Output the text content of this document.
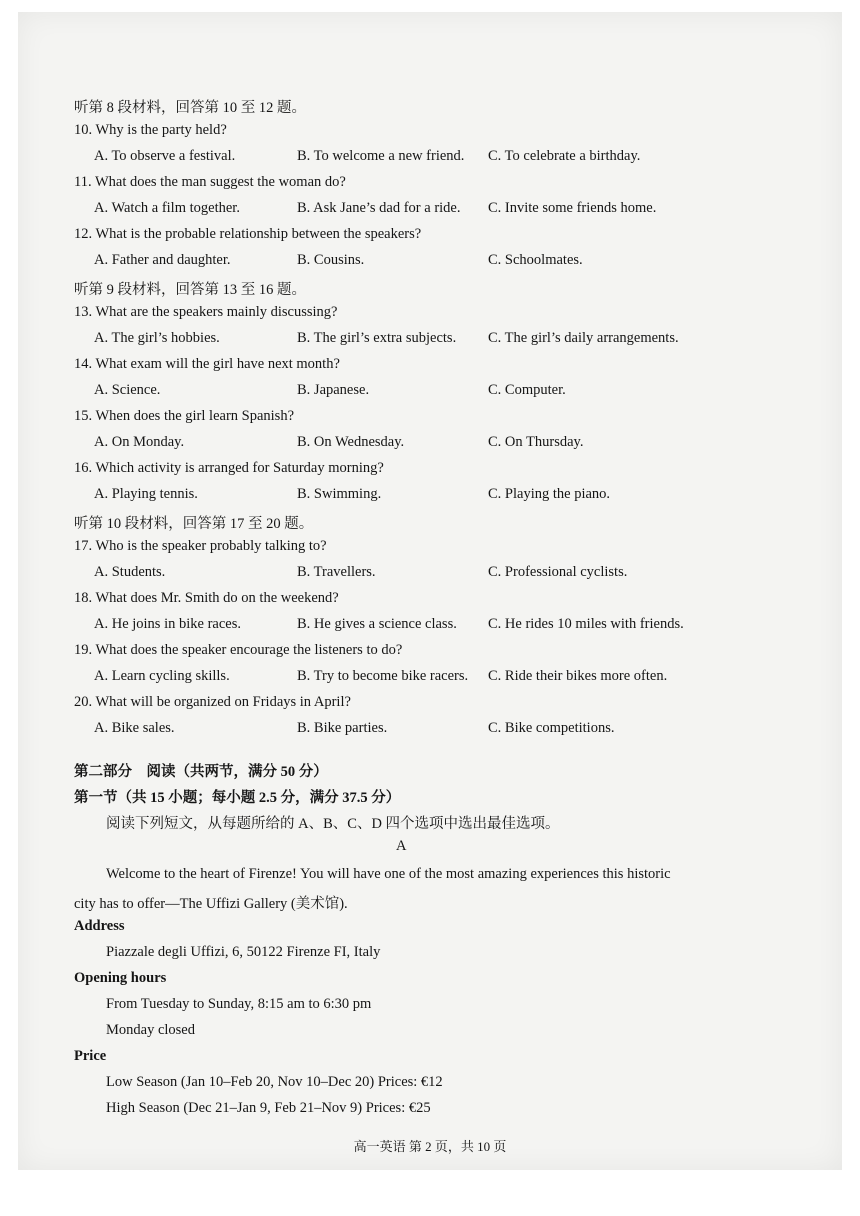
听第 8 段材料，回答第 10 至 12 题。
10. Why is the party held?
A. To observe a festival.	B. To welcome a new friend. C. To celebrate a birthday.
11. What does the man suggest the woman do?
A. Watch a film together.	B. Ask Jane’s dad for a ride. C. Invite some friends home.
12. What is the probable relationship between the speakers?
A. Father and daughter.	B. Cousins.	C. Schoolmates.
听第 9 段材料，回答第 13 至 16 题。
13. What are the speakers mainly discussing?
A. The girl’s hobbies.	B. The girl’s extra subjects. C. The girl’s daily arrangements.
14. What exam will the girl have next month?
A. Science.	B. Japanese.	C. Computer.
15. When does the girl learn Spanish?
A. On Monday.	B. On Wednesday.	C. On Thursday.
16. Which activity is arranged for Saturday morning?
A. Playing tennis.	B. Swimming.	C. Playing the piano.
听第 10 段材料，回答第 17 至 20 题。
17. Who is the speaker probably talking to?
A. Students.	B. Travellers.	C. Professional cyclists.
18. What does Mr. Smith do on the weekend?
A. He joins in bike races.	B. He gives a science class. C. He rides 10 miles with friends.
19. What does the speaker encourage the listeners to do?
A. Learn cycling skills.	B. Try to become bike racers. C. Ride their bikes more often.
20. What will be organized on Fridays in April?
A. Bike sales.	B. Bike parties.	C. Bike competitions.
第二部分　阅读（共两节，满分 50 分）
第一节（共 15 小题；每小题 2.5 分，满分 37.5 分）
阅读下列短文，从每题所给的 A、B、C、D 四个选项中选出最佳选项。
A
Welcome to the heart of Firenze! You will have one of the most amazing experiences this historic
city has to offer—The Uffizi Gallery (美术馆).
Address
Piazzale degli Uffizi, 6, 50122 Firenze FI, Italy
Opening hours
From Tuesday to Sunday, 8:15 am to 6:30 pm
Monday closed
Price
Low Season (Jan 10–Feb 20, Nov 10–Dec 20) Prices: €12
High Season (Dec 21–Jan 9, Feb 21–Nov 9) Prices: €25
高一英语 第 2 页，共 10 页
